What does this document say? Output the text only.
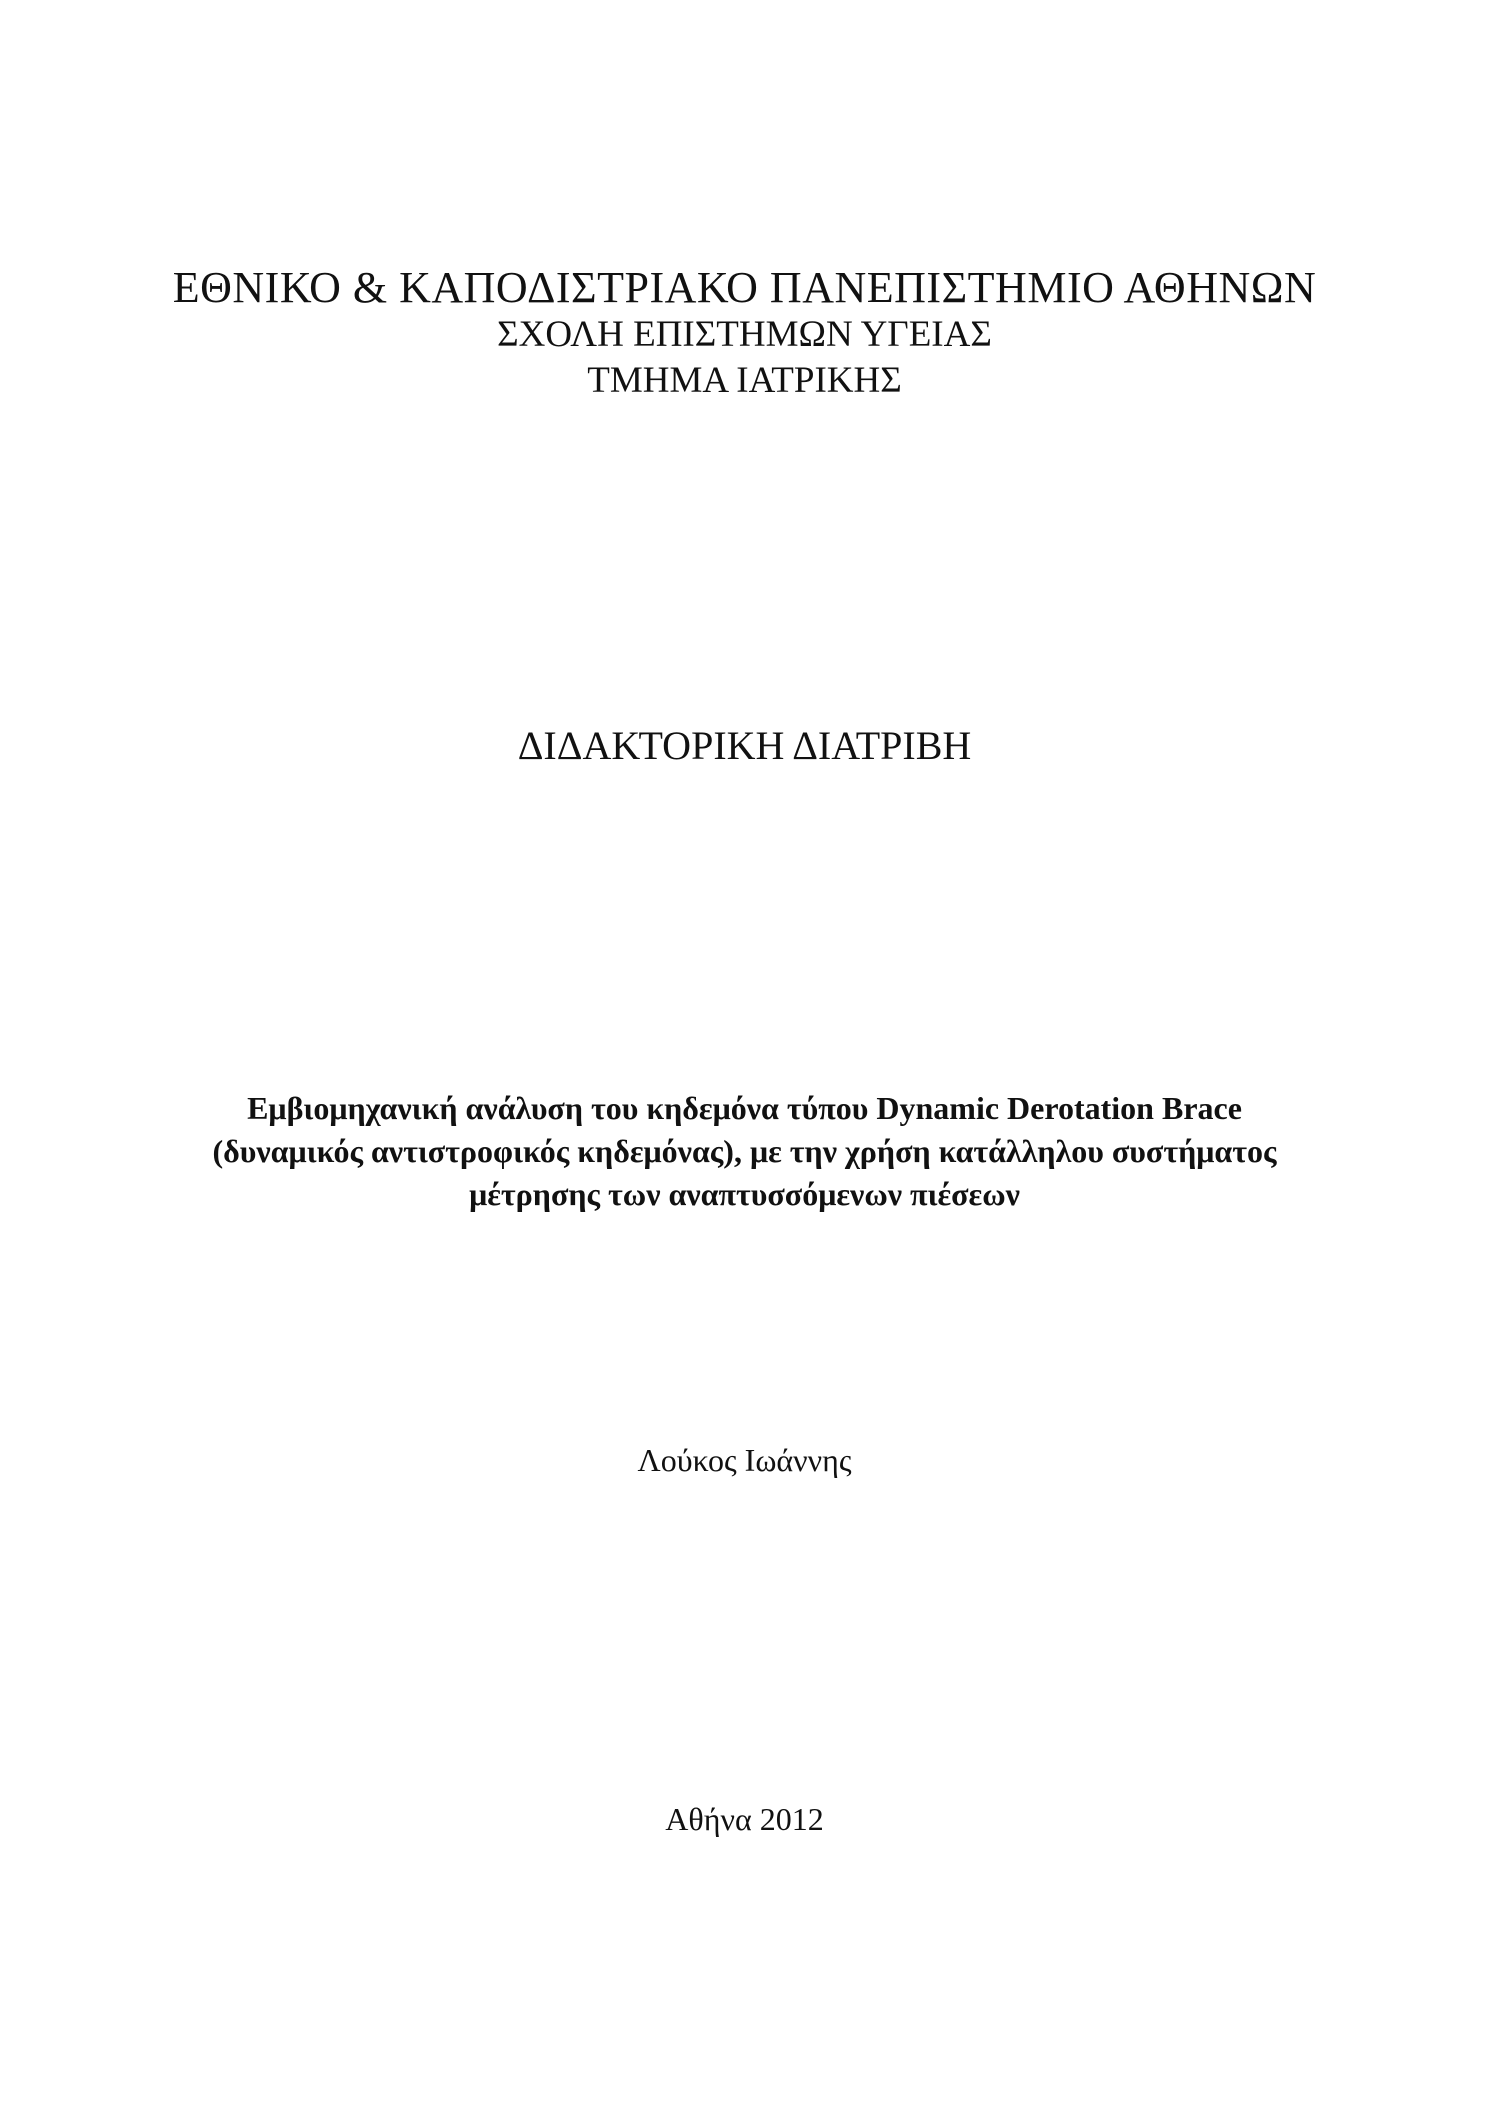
ΕΘΝΙΚΟ & ΚΑΠΟΔΙΣΤΡΙΑΚΟ ΠΑΝΕΠΙΣΤΗΜΙΟ ΑΘΗΝΩΝ
ΣΧΟΛΗ ΕΠΙΣΤΗΜΩΝ ΥΓΕΙΑΣ
ΤΜΗΜΑ ΙΑΤΡΙΚΗΣ
ΔΙΔΑΚΤΟΡΙΚΗ ΔΙΑΤΡΙΒΗ
Εμβιομηχανική ανάλυση του κηδεμόνα τύπου Dynamic Derotation Brace
(δυναμικός αντιστροφικός κηδεμόνας), με την χρήση κατάλληλου συστήματος
μέτρησης των αναπτυσσόμενων πιέσεων
Λούκος Ιωάννης
Αθήνα 2012
